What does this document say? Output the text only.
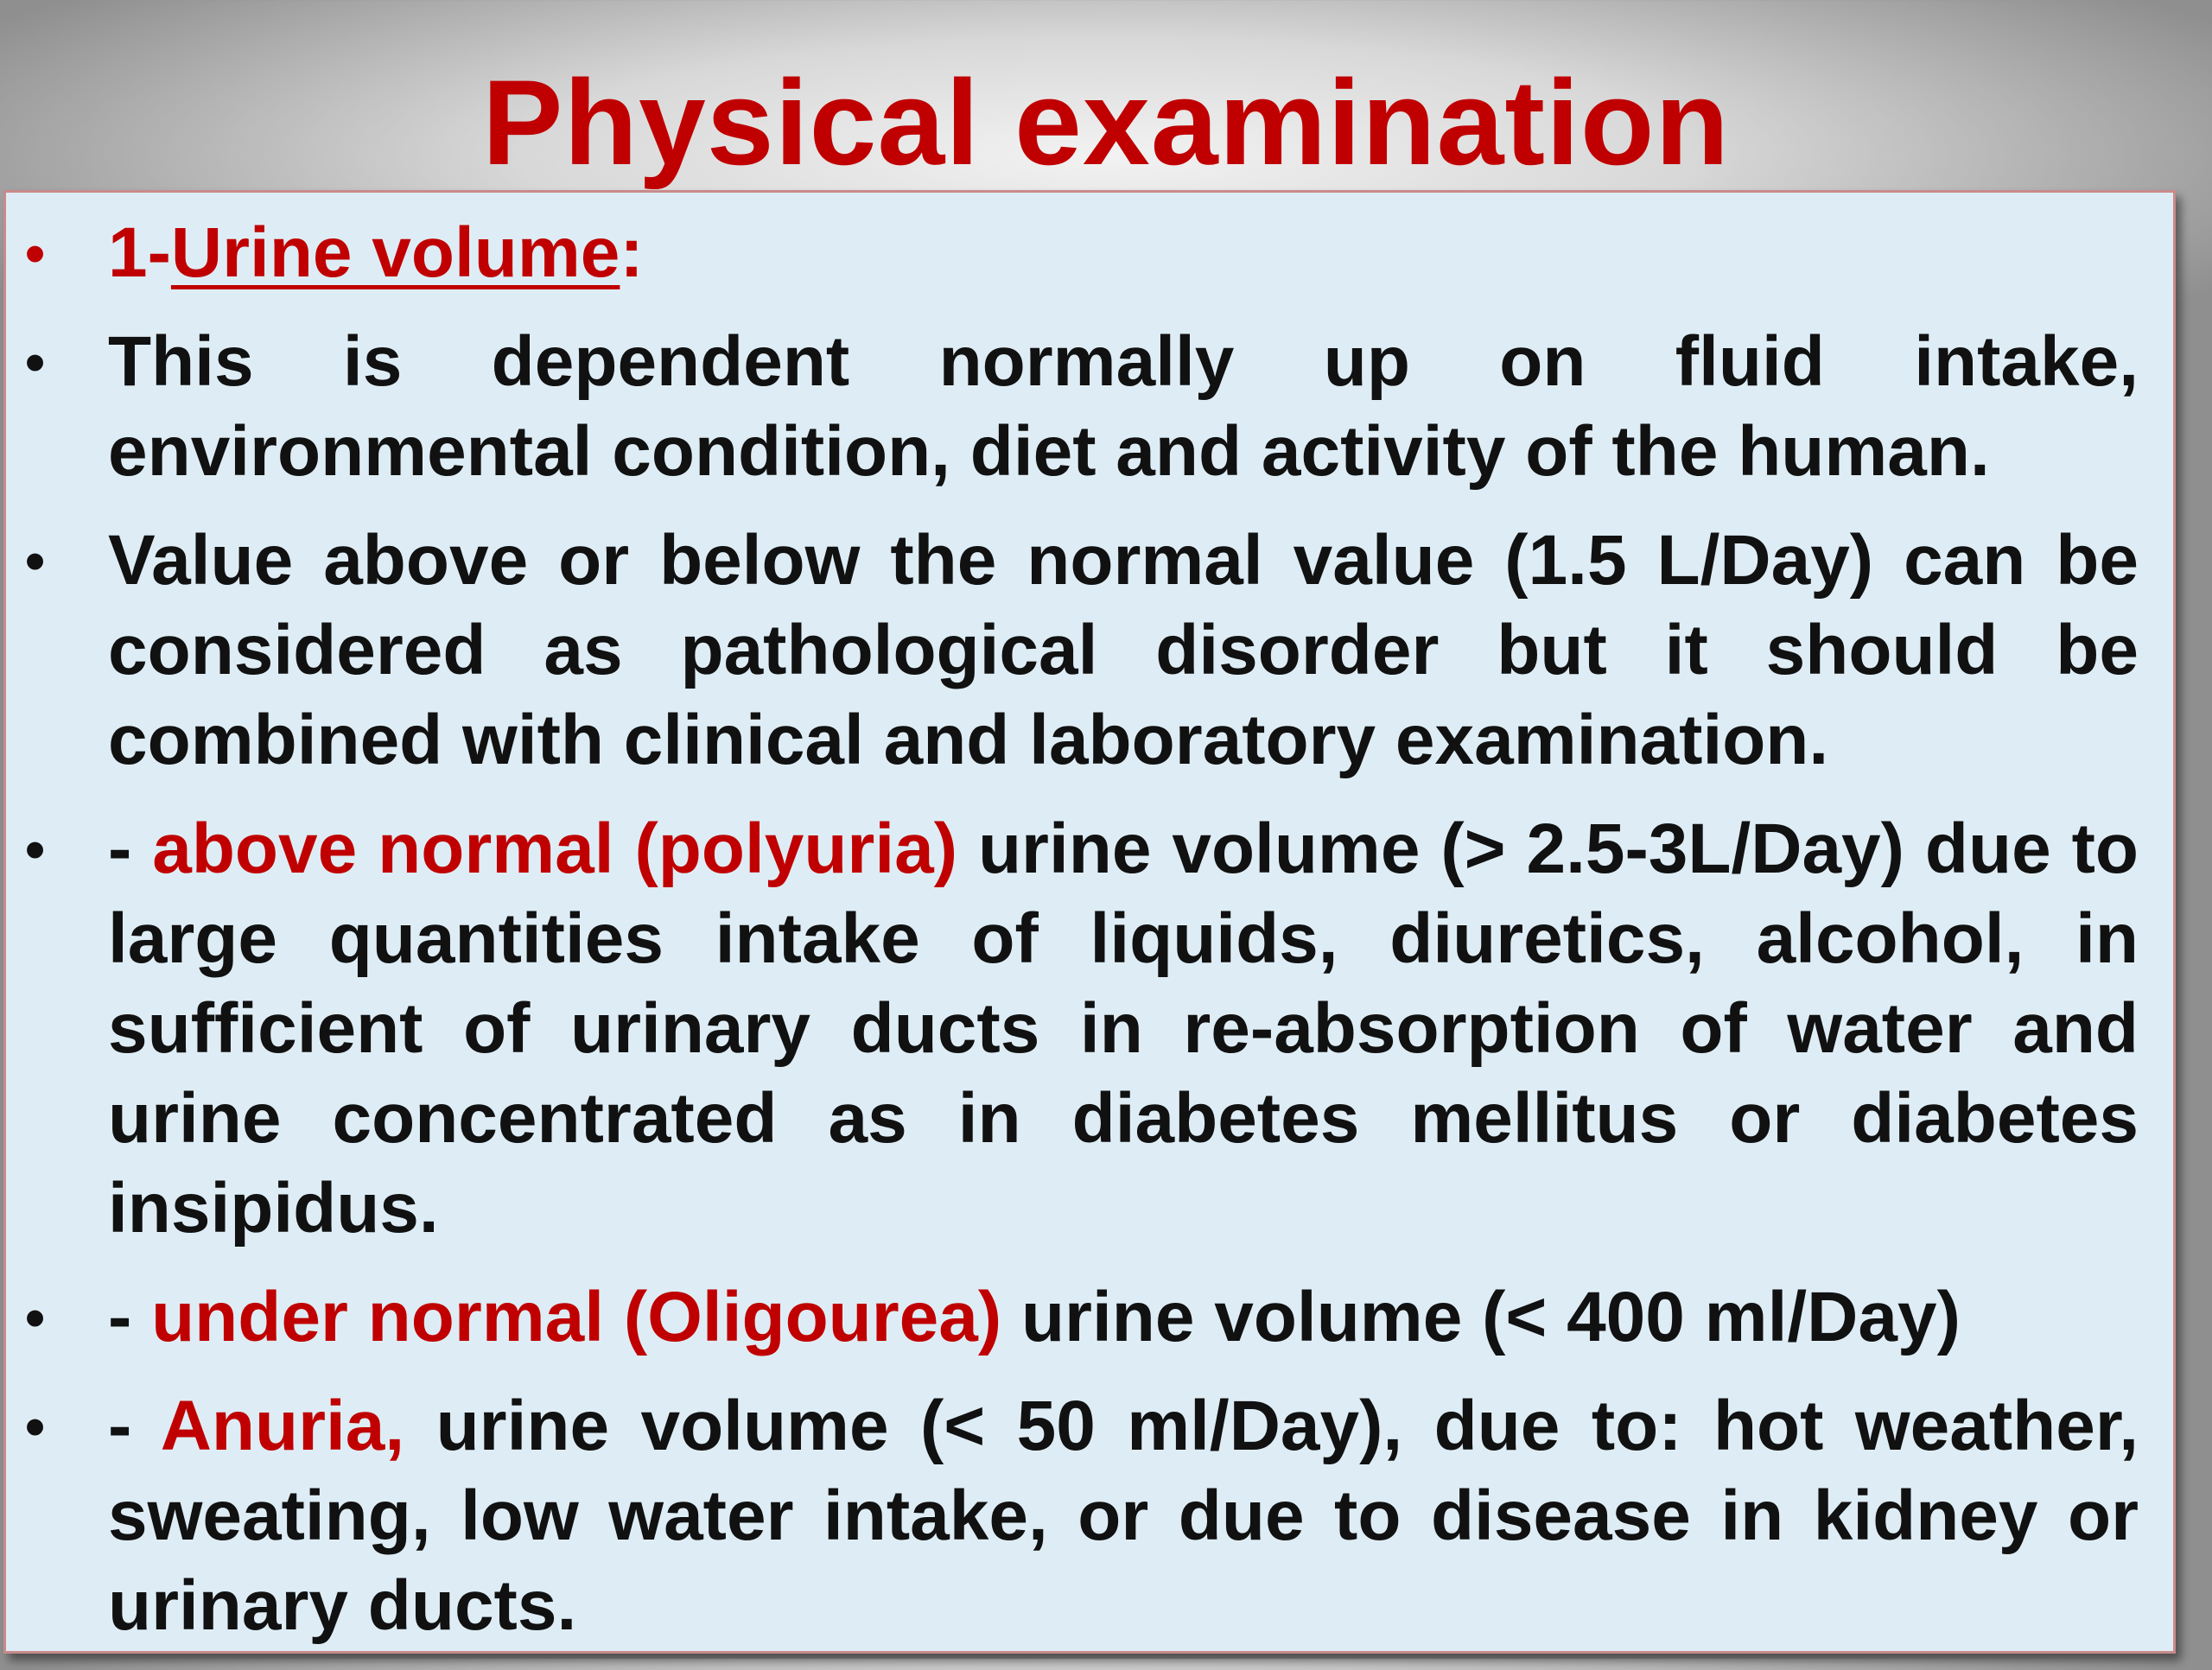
Physical examination
• 1-Urine volume:
• This is dependent normally up on fluid intake, environmental condition, diet and activity of the human.
• Value above or below the normal value (1.5 L/Day) can be considered as pathological disorder but it should be combined with clinical and laboratory examination.
• - above normal (polyuria) urine volume (> 2.5-3L/Day) due to large quantities intake of liquids, diuretics, alcohol, in sufficient of urinary ducts in re-absorption of water and urine concentrated as in diabetes mellitus or diabetes insipidus.
• - under normal (Oligourea) urine volume (< 400 ml/Day)
• - Anuria, urine volume (< 50 ml/Day), due to: hot weather, sweating, low water intake, or due to disease in kidney or urinary ducts.
